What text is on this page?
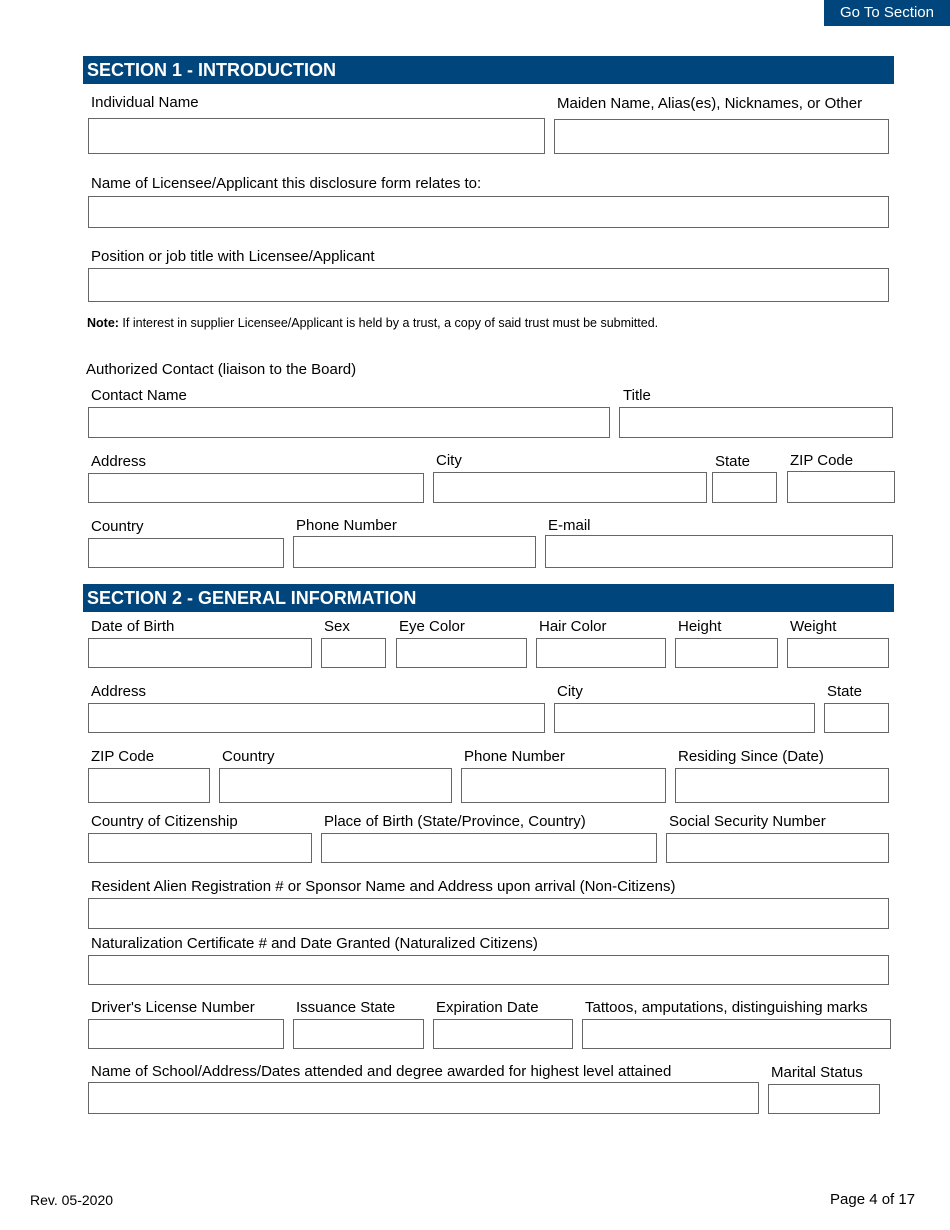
Go To Section
SECTION 1 - INTRODUCTION
Individual Name	Maiden Name, Alias(es), Nicknames, or Other
Name of Licensee/Applicant this disclosure form relates to:
Position or job title with Licensee/Applicant
Note: If interest in supplier Licensee/Applicant is held by a trust, a copy of said trust must be submitted.
Authorized Contact (liaison to the Board)
Contact Name	Title
Address	City	State	ZIP Code
Country	Phone Number	E-mail
SECTION 2 - GENERAL INFORMATION
Date of Birth	Sex	Eye Color	Hair Color	Height	Weight
Address	City	State
ZIP Code	Country	Phone Number	Residing Since (Date)
Country of Citizenship	Place of Birth (State/Province, Country)	Social Security Number
Resident Alien Registration # or Sponsor Name and Address upon arrival (Non-Citizens)
Naturalization Certificate # and Date Granted (Naturalized Citizens)
Driver's License Number	Issuance State	Expiration Date	Tattoos, amputations, distinguishing marks
Name of School/Address/Dates attended and degree awarded for highest level attained	Marital Status
Rev. 05-2020	Page 4 of 17
